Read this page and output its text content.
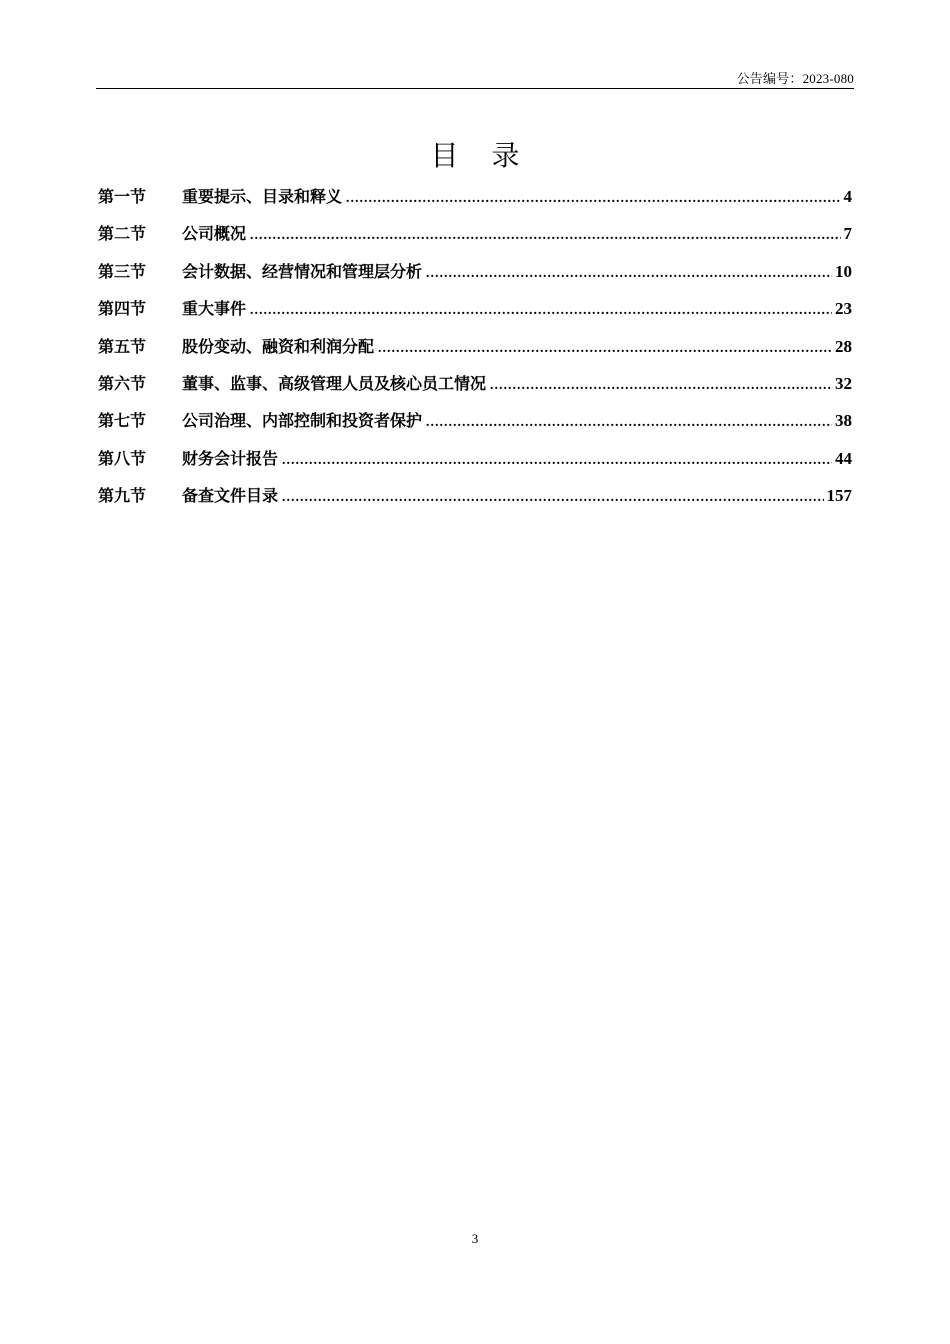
公告编号：2023-080
目 录
第一节	重要提示、目录和释义 .....	4
第二节	公司概况 .....	7
第三节	会计数据、经营情况和管理层分析 .....	10
第四节	重大事件 .....	23
第五节	股份变动、融资和利润分配 .....	28
第六节	董事、监事、高级管理人员及核心员工情况 .....	32
第七节	公司治理、内部控制和投资者保护 .....	38
第八节	财务会计报告 .....	44
第九节	备查文件目录 .....	157
3
